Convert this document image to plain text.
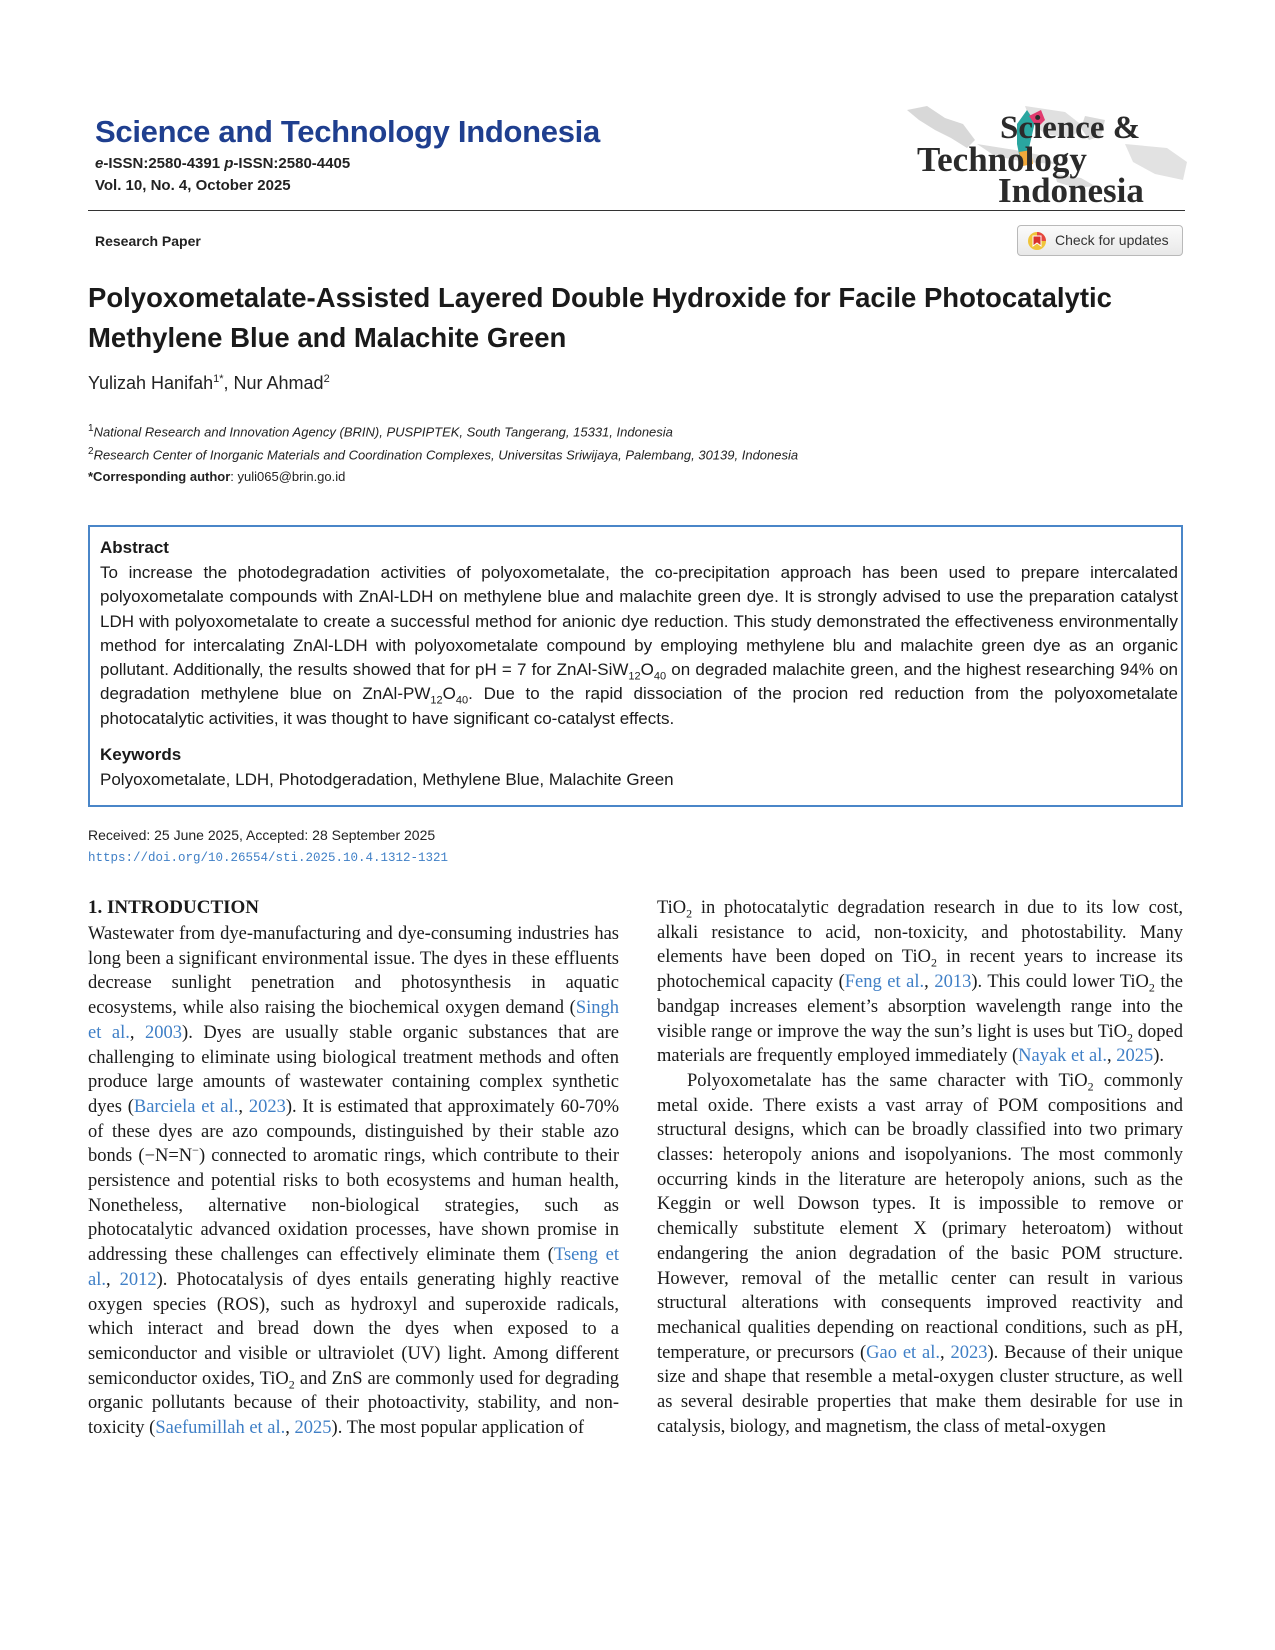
Science and Technology Indonesia
e-ISSN:2580-4391 p-ISSN:2580-4405
Vol. 10, No. 4, October 2025
Science &
Technology
Indonesia
Research Paper	Check for updates
Polyoxometalate-Assisted Layered Double Hydroxide for Facile Photocatalytic Methylene Blue and Malachite Green
Yulizah Hanifah$^{1*}$, Nur Ahmad$^2$
$^1$National Research and Innovation Agency (BRIN), PUSPIPTEK, South Tangerang, 15331, Indonesia
$^2$Research Center of Inorganic Materials and Coordination Complexes, Universitas Sriwijaya, Palembang, 30139, Indonesia
*Corresponding author: yuli065@brin.go.id
Abstract
To increase the photodegradation activities of polyoxometalate, the co-precipitation approach has been used to prepare intercalated polyoxometalate compounds with ZnAl-LDH on methylene blue and malachite green dye. It is strongly advised to use the preparation catalyst LDH with polyoxometalate to create a successful method for anionic dye reduction. This study demonstrated the effectiveness environmentally method for intercalating ZnAl-LDH with polyoxometalate compound by employing methylene blu and malachite green dye as an organic pollutant. Additionally, the results showed that for pH = 7 for ZnAl-$SiW_{12}O_{40}$ on degraded malachite green, and the highest researching 94% on degradation methylene blue on ZnAl-$PW_{12}O_{40}$. Due to the rapid dissociation of the procion red reduction from the polyoxometalate photocatalytic activities, it was thought to have significant co-catalyst effects.
Keywords
Polyoxometalate, LDH, Photodgeradation, Methylene Blue, Malachite Green
Received: 25 June 2025, Accepted: 28 September 2025
https://doi.org/10.26554/sti.2025.10.4.1312-1321
1. INTRODUCTION

Wastewater from dye-manufacturing and dye-consuming industries has long been a significant environmental issue. The dyes in these effluents decrease sunlight penetration and photosynthesis in aquatic ecosystems, while also raising the biochemical oxygen demand (Singh et al., 2003). Dyes are usually stable organic substances that are challenging to eliminate using biological treatment methods and often produce large amounts of wastewater containing complex synthetic dyes (Barciela et al., 2023). It is estimated that approximately 60-70% of these dyes are azo compounds, distinguished by their stable azo bonds (−N=N−) connected to aromatic rings, which contribute to their persistence and potential risks to both ecosystems and human health, Nonetheless, alternative non-biological strategies, such as photocatalytic advanced oxidation processes, have shown promise in addressing these challenges can effectively eliminate them (Tseng et al., 2012). Photocatalysis of dyes entails generating highly reactive oxygen species (ROS), such as hydroxyl and superoxide radicals, which interact and bread down the dyes when exposed to a semiconductor and visible or ultraviolet (UV) light. Among different semiconductor oxides, TiO$_2$ and ZnS are commonly used for degrading organic pollutants because of their photoactivity, stability, and non-toxicity (Saefumillah et al., 2025). The most popular application of

TiO$_2$ in photocatalytic degradation research in due to its low cost, alkali resistance to acid, non-toxicity, and photostability. Many elements have been doped on TiO$_2$ in recent years to increase its photochemical capacity (Feng et al., 2013). This could lower TiO$_2$ the bandgap increases element’s absorption wavelength range into the visible range or improve the way the sun’s light is uses but TiO$_2$ doped materials are frequently employed immediately (Nayak et al., 2025).

Polyoxometalate has the same character with TiO$_2$ commonly metal oxide. There exists a vast array of POM compositions and structural designs, which can be broadly classified into two primary classes: heteropoly anions and isopolyanions. The most commonly occurring kinds in the literature are heteropoly anions, such as the Keggin or well Dowson types. It is impossible to remove or chemically substitute element X (primary heteroatom) without endangering the anion degradation of the basic POM structure. However, removal of the metallic center can result in various structural alterations with consequents improved reactivity and mechanical qualities depending on reactional conditions, such as pH, temperature, or precursors (Gao et al., 2023). Because of their unique size and shape that resemble a metal-oxygen cluster structure, as well as several desirable properties that make them desirable for use in catalysis, biology, and magnetism, the class of metal-oxygen
